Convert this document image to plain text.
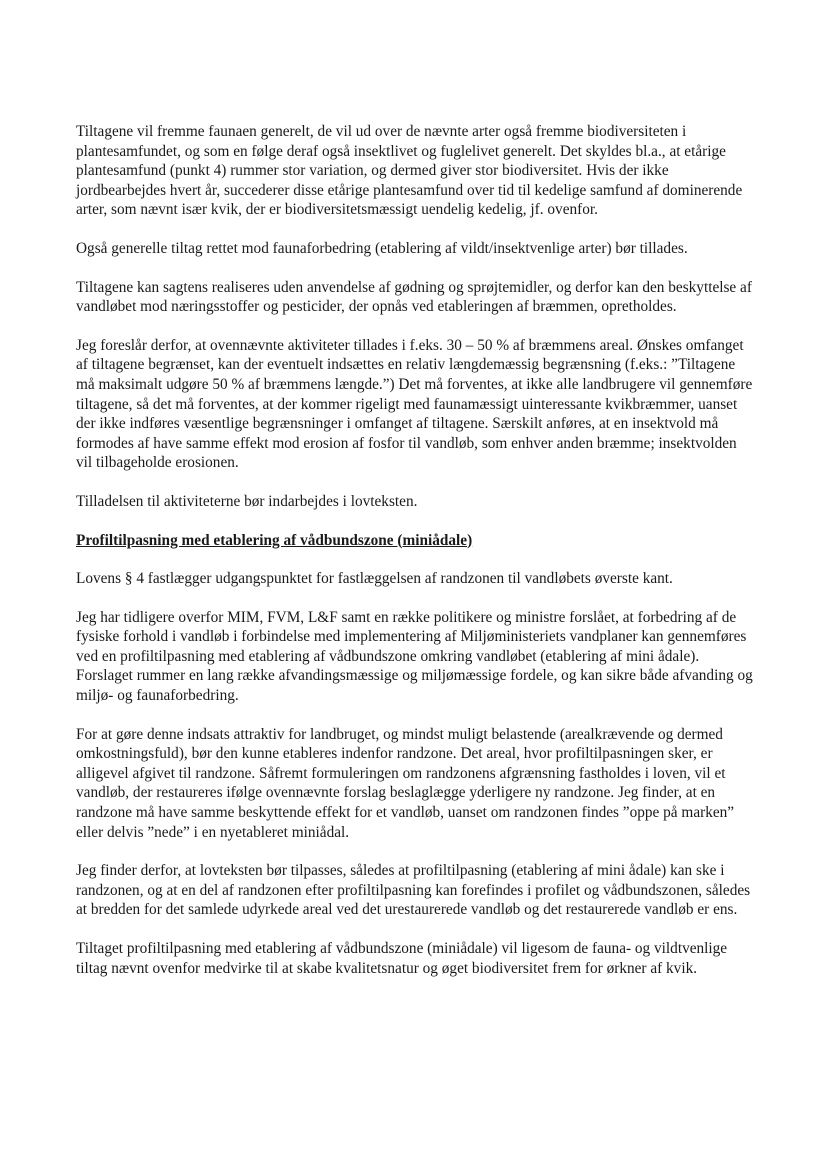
Tiltagene vil fremme faunaen generelt, de vil ud over de nævnte arter også fremme biodiversiteten i plantesamfundet, og som en følge deraf også insektlivet og fuglelivet generelt. Det skyldes bl.a., at etårige plantesamfund (punkt 4) rummer stor variation, og dermed giver stor biodiversitet. Hvis der ikke jordbearbejdes hvert år, succederer disse etårige plantesamfund over tid til kedelige samfund af dominerende arter, som nævnt især kvik, der er biodiversitetsmæssigt uendelig kedelig, jf. ovenfor.

Også generelle tiltag rettet mod faunaforbedring (etablering af vildt/insektvenlige arter) bør tillades.

Tiltagene kan sagtens realiseres uden anvendelse af gødning og sprøjtemidler, og derfor kan den beskyttelse af vandløbet mod næringsstoffer og pesticider, der opnås ved etableringen af bræmmen, opretholdes.

Jeg foreslår derfor, at ovennævnte aktiviteter tillades i f.eks. 30 – 50 % af bræmmens areal. Ønskes omfanget af tiltagene begrænset, kan der eventuelt indsættes en relativ længdemæssig begrænsning (f.eks.: ”Tiltagene må maksimalt udgøre 50 % af bræmmens længde.”) Det må forventes, at ikke alle landbrugere vil gennemføre tiltagene, så det må forventes, at der kommer rigeligt med faunamæssigt uinteressante kvikbræmmer, uanset der ikke indføres væsentlige begrænsninger i omfanget af tiltagene. Særskilt anføres, at en insektvold må formodes af have samme effekt mod erosion af fosfor til vandløb, som enhver anden bræmme; insektvolden vil tilbageholde erosionen.

Tilladelsen til aktiviteterne bør indarbejdes i lovteksten.

Profiltilpasning med etablering af vådbundszone (miniådale)

Lovens § 4 fastlægger udgangspunktet for fastlæggelsen af randzonen til vandløbets øverste kant.

Jeg har tidligere overfor MIM, FVM, L&F samt en række politikere og ministre forslået, at forbedring af de fysiske forhold i vandløb i forbindelse med implementering af Miljøministeriets vandplaner kan gennemføres ved en profiltilpasning med etablering af vådbundszone omkring vandløbet (etablering af mini ådale). Forslaget rummer en lang række afvandingsmæssige og miljømæssige fordele, og kan sikre både afvanding og miljø- og faunaforbedring.

For at gøre denne indsats attraktiv for landbruget, og mindst muligt belastende (arealkrævende og dermed omkostningsfuld), bør den kunne etableres indenfor randzone. Det areal, hvor profiltilpasningen sker, er alligevel afgivet til randzone. Såfremt formuleringen om randzonens afgrænsning fastholdes i loven, vil et vandløb, der restaureres ifølge ovennævnte forslag beslaglægge yderligere ny randzone. Jeg finder, at en randzone må have samme beskyttende effekt for et vandløb, uanset om randzonen findes ”oppe på marken” eller delvis ”nede” i en nyetableret miniådal.

Jeg finder derfor, at lovteksten bør tilpasses, således at profiltilpasning (etablering af mini ådale) kan ske i randzonen, og at en del af randzonen efter profiltilpasning kan forefindes i profilet og vådbundszonen, således at bredden for det samlede udyrkede areal ved det urestaurerede vandløb og det restaurerede vandløb er ens.

Tiltaget profiltilpasning med etablering af vådbundszone (miniådale) vil ligesom de fauna- og vildtvenlige tiltag nævnt ovenfor medvirke til at skabe kvalitetsnatur og øget biodiversitet frem for ørkner af kvik.
